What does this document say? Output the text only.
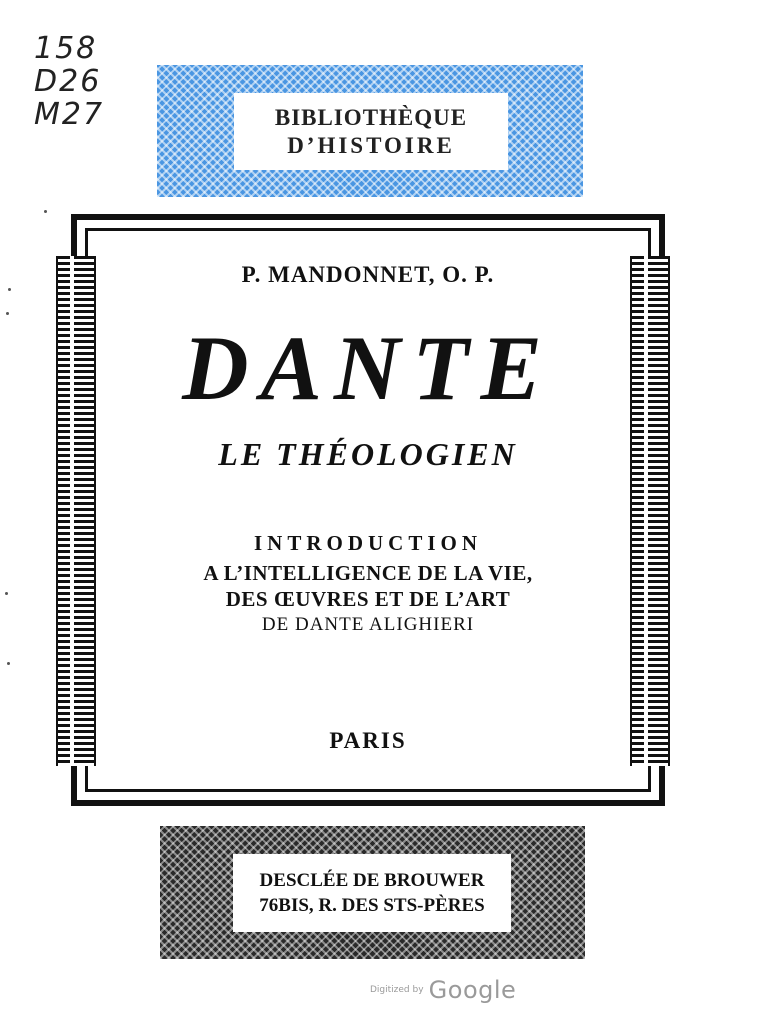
158
D26
M27	BIBLIOTHÈQUE
D’HISTOIRE
P. MANDONNET, O. P.
DANTE
LE THÉOLOGIEN
INTRODUCTION
A L’INTELLIGENCE DE LA VIE,
DES ŒUVRES ET DE L’ART
DE DANTE ALIGHIERI
PARIS
DESCLÉE DE BROUWER
76BIS, R. DES STS-PÈRES
Digitized by Google
